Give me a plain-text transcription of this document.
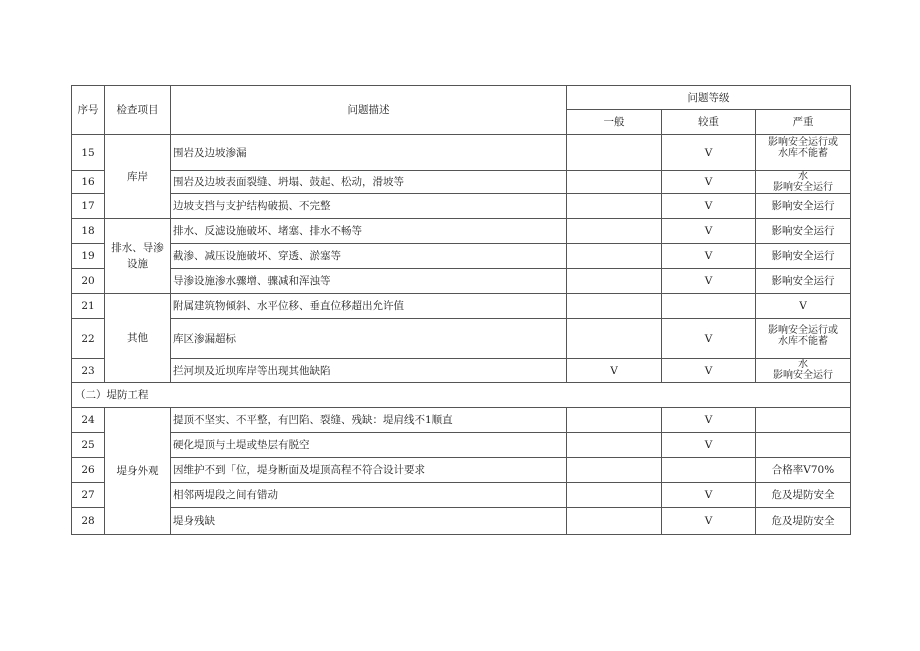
序号	检查项目	问题描述	问题等级		
			一般	较重	严重
15	库岸	围岩及边坡渗漏		V	影响安全运行或
水库不能蓄
16		围岩及边坡表面裂缝、坍塌、鼓起、松动，滑坡等		V	水
影响安全运行
17		边坡支挡与支护结构破损、不完整		V	影响安全运行
18	排水、导渗
设施	排水、反滤设施破坏、堵塞、排水不畅等		V	影响安全运行
19		截渗、减压设施破坏、穿透、淤塞等		V	影响安全运行
20		导渗设施渗水骤增、骤减和浑浊等		V	影响安全运行
21	其他	附属建筑物倾斜、水平位移、垂直位移超出允许值			V
22		库区渗漏超标		V	影响安全运行或
水库不能蓄
23		拦河坝及近坝库岸等出现其他缺陷	V	V	水
影响安全运行
（二）堤防工程					
24	堤身外观	提顶不坚实、不平整，有凹陷、裂缝、残缺：堤肩线不1顺直		V	
25		硬化堤顶与土堤或垫层有脱空		V	
26		因维护不到「位，堤身断面及堤顶高程不符合设计要求			合格率V70%
27		相邻两堤段之间有错动		V	危及堤防安全
28		堤身残缺		V	危及堤防安全
